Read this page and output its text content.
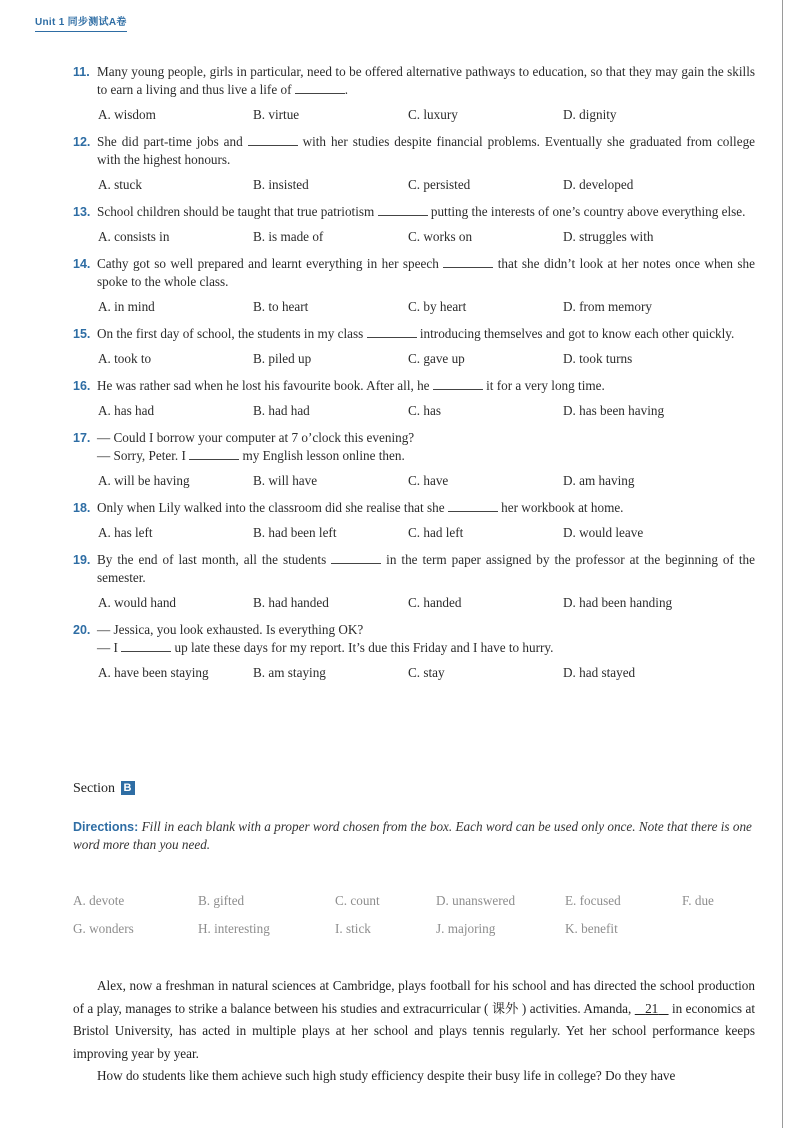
Unit 1 同步测试A卷
11. Many young people, girls in particular, need to be offered alternative pathways to education, so that they may gain the skills to earn a living and thus live a life of	.
A. wisdom	B. virtue	C. luxury	D. dignity
12. She did part-time jobs and	with her studies despite financial problems. Eventually she graduated from college with the highest honours.
A. stuck	B. insisted	C. persisted	D. developed
13. School children should be taught that true patriotism	putting the interests of one’s country above everything else.
A. consists in	B. is made of	C. works on	D. struggles with
14. Cathy got so well prepared and learnt everything in her speech	that she didn’t look at her notes once when she spoke to the whole class.
A. in mind	B. to heart	C. by heart	D. from memory
15. On the first day of school, the students in my class	introducing themselves and got to know each other quickly.
A. took to	B. piled up	C. gave up	D. took turns
16. He was rather sad when he lost his favourite book. After all, he	it for a very long time.
A. has had	B. had had	C. has	D. has been having
17. — Could I borrow your computer at 7 o’clock this evening?
— Sorry, Peter. I	my English lesson online then.
A. will be having	B. will have	C. have	D. am having
18. Only when Lily walked into the classroom did she realise that she	her workbook at home.
A. has left	B. had been left	C. had left	D. would leave
19. By the end of last month, all the students	in the term paper assigned by the professor at the beginning of the semester.
A. would hand	B. had handed	C. handed	D. had been handing
20. — Jessica, you look exhausted. Is everything OK?
— I	up late these days for my report. It’s due this Friday and I have to hurry.
A. have been staying	B. am staying	C. stay	D. had stayed
Section B
Directions: Fill in each blank with a proper word chosen from the box. Each word can be used only once. Note that there is one word more than you need.
A. devote	B. gifted	C. count	D. unanswered	E. focused	F. due
G. wonders	H. interesting	I. stick	J. majoring	K. benefit

Alex, now a freshman in natural sciences at Cambridge, plays football for his school and has directed the school production of a play, manages to strike a balance between his studies and extracurricular ( 课外 ) activities. Amanda, 21 in economics at Bristol University, has acted in multiple plays at her school and plays tennis regularly. Yet her school performance keeps improving year by year.

How do students like them achieve such high study efficiency despite their busy life in college? Do they have
